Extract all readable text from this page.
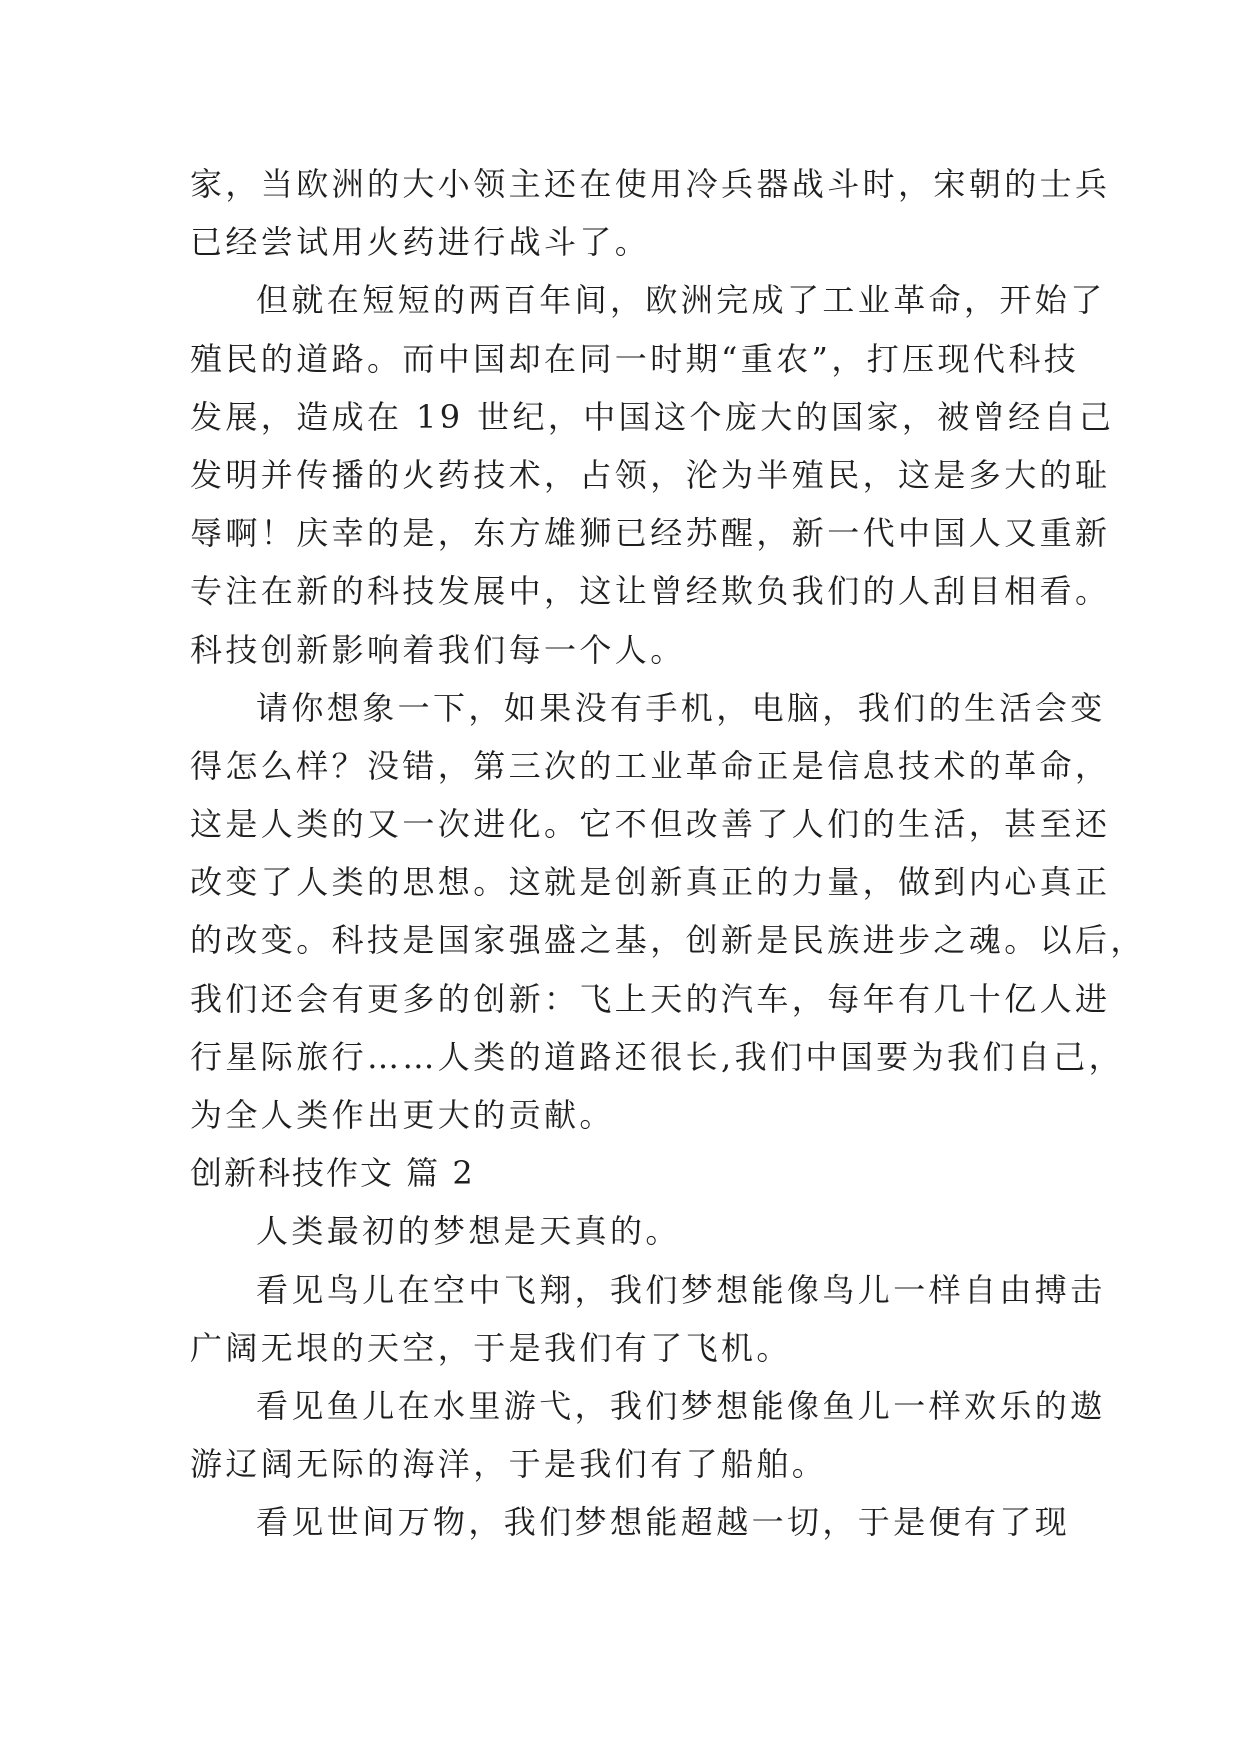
家，当欧洲的大小领主还在使用冷兵器战斗时，宋朝的士兵
已经尝试用火药进行战斗了。
但就在短短的两百年间，欧洲完成了工业革命，开始了
殖民的道路。而中国却在同一时期“重农”，打压现代科技
发展，造成在 19 世纪，中国这个庞大的国家，被曾经自己
发明并传播的火药技术，占领，沦为半殖民，这是多大的耻
辱啊！庆幸的是，东方雄狮已经苏醒，新一代中国人又重新
专注在新的科技发展中，这让曾经欺负我们的人刮目相看。
科技创新影响着我们每一个人。
请你想象一下，如果没有手机，电脑，我们的生活会变
得怎么样？没错，第三次的工业革命正是信息技术的革命，
这是人类的又一次进化。它不但改善了人们的生活，甚至还
改变了人类的思想。这就是创新真正的力量，做到内心真正
的改变。科技是国家强盛之基，创新是民族进步之魂。以后，
我们还会有更多的创新：飞上天的汽车，每年有几十亿人进
行星际旅行……人类的道路还很长,我们中国要为我们自己，
为全人类作出更大的贡献。
创新科技作文 篇 2
人类最初的梦想是天真的。
看见鸟儿在空中飞翔，我们梦想能像鸟儿一样自由搏击
广阔无垠的天空，于是我们有了飞机。
看见鱼儿在水里游弋，我们梦想能像鱼儿一样欢乐的遨
游辽阔无际的海洋，于是我们有了船舶。
看见世间万物，我们梦想能超越一切，于是便有了现
